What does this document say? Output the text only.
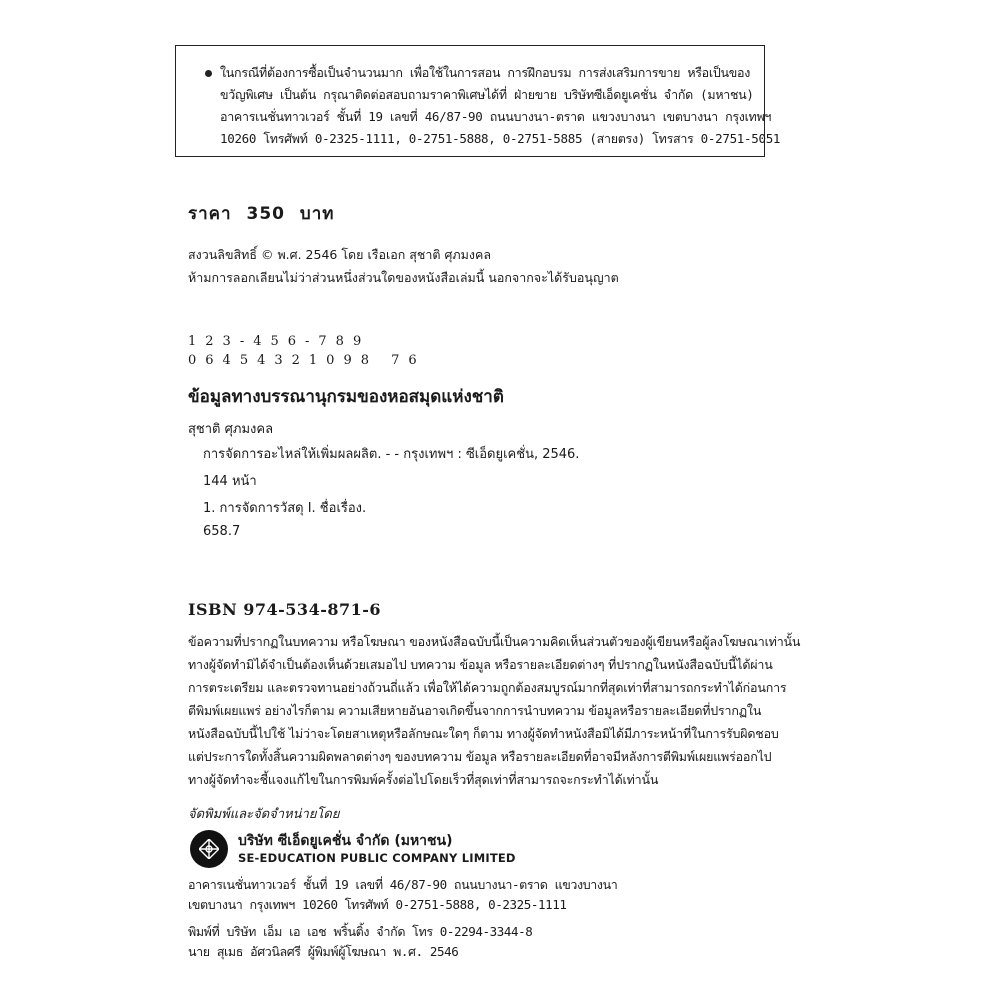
ในกรณีที่ต้องการซื้อเป็นจำนวนมาก เพื่อใช้ในการสอน การฝึกอบรม การส่งเสริมการขาย หรือเป็นของ
ขวัญพิเศษ เป็นต้น กรุณาติดต่อสอบถามราคาพิเศษได้ที่ ฝ่ายขาย บริษัทซีเอ็ดยูเคชั่น จำกัด (มหาชน)
อาคารเนชั่นทาวเวอร์ ชั้นที่ 19 เลขที่ 46/87-90 ถนนบางนา-ตราด แขวงบางนา เขตบางนา กรุงเทพฯ
10260 โทรศัพท์ 0-2325-1111, 0-2751-5888, 0-2751-5885 (สายตรง) โทรสาร 0-2751-5051
ราคา 350 บาท
สงวนลิขสิทธิ์ © พ.ศ. 2546 โดย เรือเอก สุชาติ ศุภมงคล
ห้ามการลอกเลียนไม่ว่าส่วนหนึ่งส่วนใดของหนังสือเล่มนี้ นอกจากจะได้รับอนุญาต
123-456-789
06454321098 76
ข้อมูลทางบรรณานุกรมของหอสมุดแห่งชาติ
สุชาติ ศุภมงคล
การจัดการอะไหล่ให้เพิ่มผลผลิต. - - กรุงเทพฯ : ซีเอ็ดยูเคชั่น, 2546.
144 หน้า
1. การจัดการวัสดุ I. ชื่อเรื่อง.
658.7
ISBN 974-534-871-6
ข้อความที่ปรากฏในบทความ หรือโฆษณา ของหนังสือฉบับนี้เป็นความคิดเห็นส่วนตัวของผู้เขียนหรือผู้ลงโฆษณาเท่านั้น
ทางผู้จัดทำมิได้จำเป็นต้องเห็นด้วยเสมอไป บทความ ข้อมูล หรือรายละเอียดต่างๆ ที่ปรากฏในหนังสือฉบับนี้ได้ผ่าน
การตระเตรียม และตรวจทานอย่างถ้วนถี่แล้ว เพื่อให้ได้ความถูกต้องสมบูรณ์มากที่สุดเท่าที่สามารถกระทำได้ก่อนการ
ตีพิมพ์เผยแพร่ อย่างไรก็ตาม ความเสียหายอันอาจเกิดขึ้นจากการนำบทความ ข้อมูลหรือรายละเอียดที่ปรากฏใน
หนังสือฉบับนี้ไปใช้ ไม่ว่าจะโดยสาเหตุหรือลักษณะใดๆ ก็ตาม ทางผู้จัดทำหนังสือมิได้มีภาระหน้าที่ในการรับผิดชอบ
แต่ประการใดทั้งสิ้นความผิดพลาดต่างๆ ของบทความ ข้อมูล หรือรายละเอียดที่อาจมีหลังการตีพิมพ์เผยแพร่ออกไป
ทางผู้จัดทำจะชี้แจงแก้ไขในการพิมพ์ครั้งต่อไปโดยเร็วที่สุดเท่าที่สามารถจะกระทำได้เท่านั้น
จัดพิมพ์และจัดจำหน่ายโดย
บริษัท ซีเอ็ดยูเคชั่น จำกัด (มหาชน)
SE-EDUCATION PUBLIC COMPANY LIMITED
อาคารเนชั่นทาวเวอร์ ชั้นที่ 19 เลขที่ 46/87-90 ถนนบางนา-ตราด แขวงบางนา
เขตบางนา กรุงเทพฯ 10260 โทรศัพท์ 0-2751-5888, 0-2325-1111
พิมพ์ที่ บริษัท เอ็ม เอ เอช พริ้นติ้ง จำกัด โทร 0-2294-3344-8
นาย สุเมธ อัศวนิลศรี ผู้พิมพ์ผู้โฆษณา พ.ศ. 2546
